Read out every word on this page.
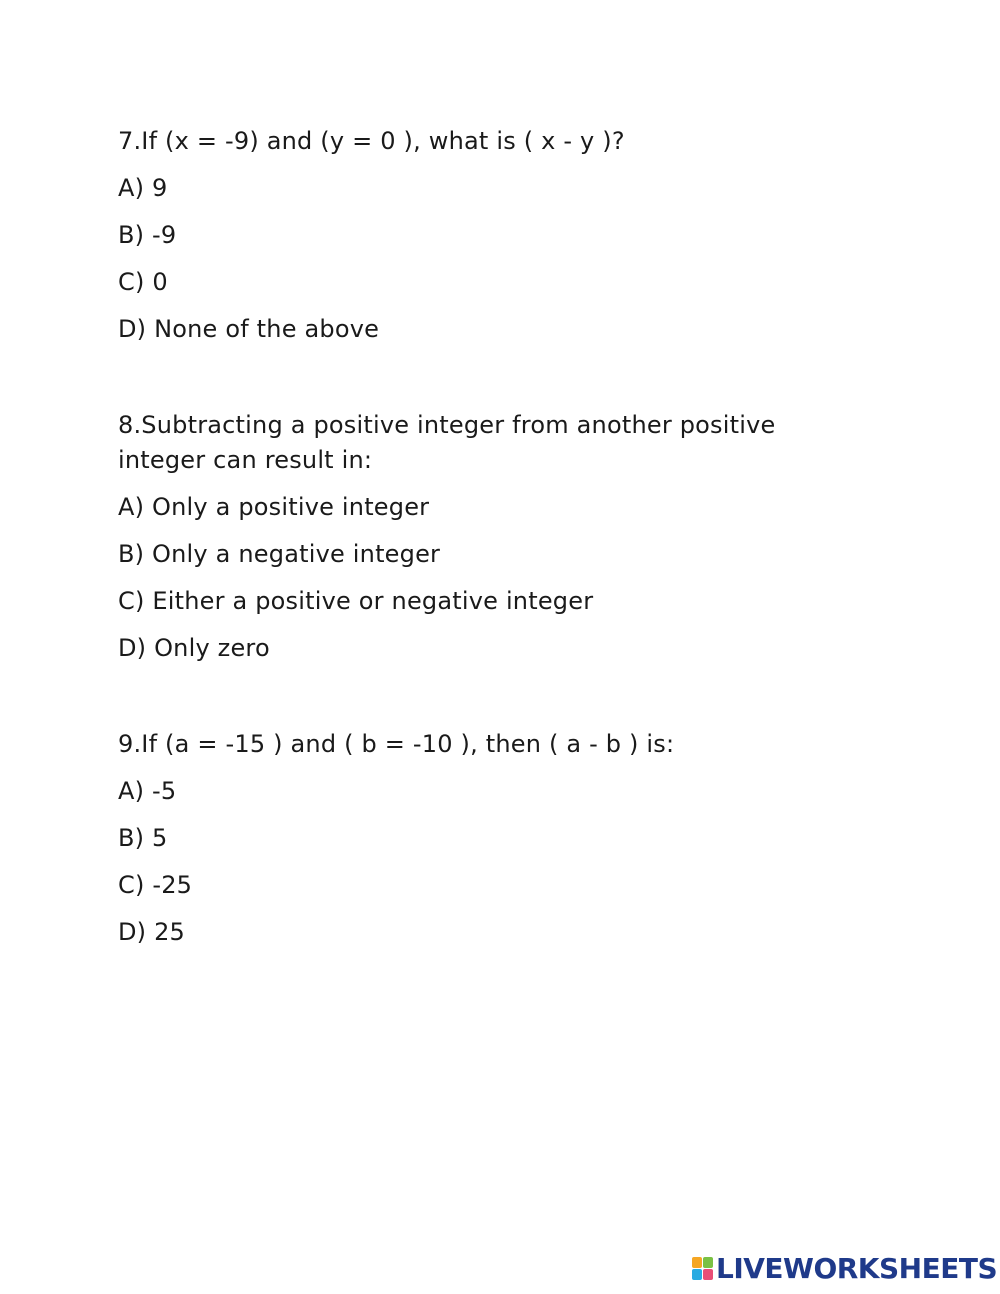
7.If (x = -9) and (y = 0 ), what is ( x - y )?

A) 9

B) -9

C) 0

D) None of the above

8.Subtracting a positive integer from another positive

integer can result in:

A) Only a positive integer

B) Only a negative integer

C) Either a positive or negative integer

D) Only zero

9.If (a = -15 ) and ( b = -10 ), then ( a - b ) is:

A) -5

B) 5

C) -25

D) 25

LIVEWORKSHEETS
